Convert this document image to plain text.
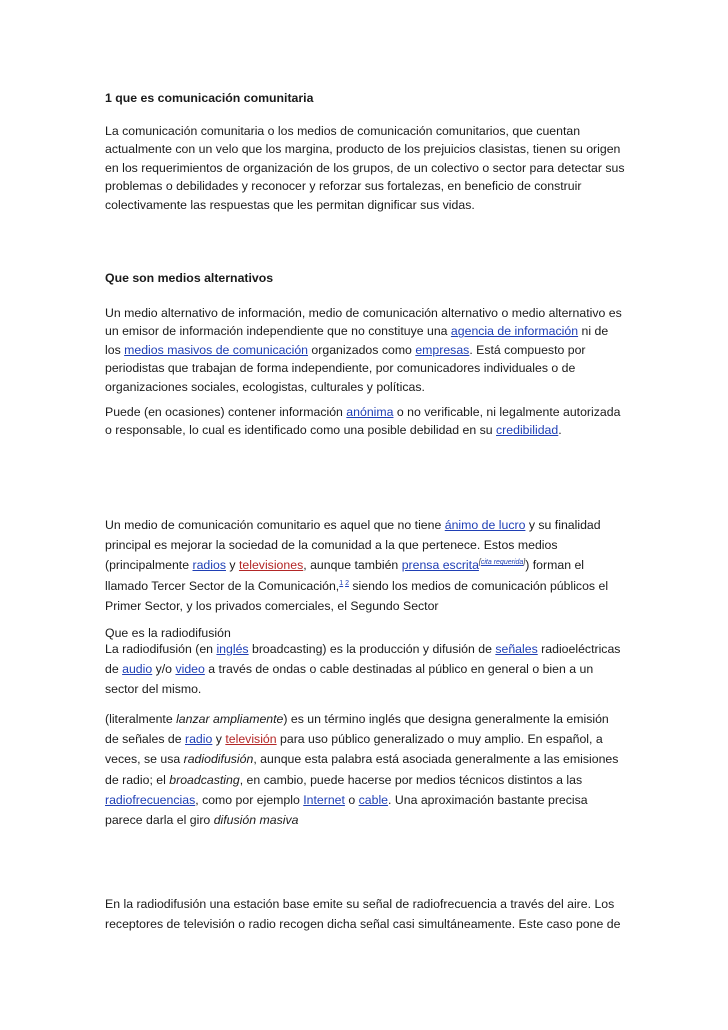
1 que es comunicación comunitaria

La comunicación comunitaria o los medios de comunicación comunitarios, que cuentan actualmente con un velo que los margina, producto de los prejuicios clasistas, tienen su origen en los requerimientos de organización de los grupos, de un colectivo o sector para detectar sus problemas o debilidades y reconocer y reforzar sus fortalezas, en beneficio de construir colectivamente las respuestas que les permitan dignificar sus vidas.

Que son medios alternativos

Un medio alternativo de información, medio de comunicación alternativo o medio alternativo es un emisor de información independiente que no constituye una agencia de información ni de los medios masivos de comunicación organizados como empresas. Está compuesto por periodistas que trabajan de forma independiente, por comunicadores individuales o de organizaciones sociales, ecologistas, culturales y políticas.

Puede (en ocasiones) contener información anónima o no verificable, ni legalmente autorizada o responsable, lo cual es identificado como una posible debilidad en su credibilidad.

Un medio de comunicación comunitario es aquel que no tiene ánimo de lucro y su finalidad principal es mejorar la sociedad de la comunidad a la que pertenece. Estos medios (principalmente radios y televisiones, aunque también prensa escrita[cita requerida]) forman el llamado Tercer Sector de la Comunicación,$^{1 2}$ siendo los medios de comunicación públicos el Primer Sector, y los privados comerciales, el Segundo Sector

Que es la radiodifusión

La radiodifusión (en inglés broadcasting) es la producción y difusión de señales radioeléctricas de audio y/o video a través de ondas o cable destinadas al público en general o bien a un sector del mismo.

(literalmente lanzar ampliamente) es un término inglés que designa generalmente la emisión de señales de radio y televisión para uso público generalizado o muy amplio. En español, a veces, se usa radiodifusión, aunque esta palabra está asociada generalmente a las emisiones de radio; el broadcasting, en cambio, puede hacerse por medios técnicos distintos a las radiofrecuencias, como por ejemplo Internet o cable. Una aproximación bastante precisa parece darla el giro difusión masiva

En la radiodifusión una estación base emite su señal de radiofrecuencia a través del aire. Los receptores de televisión o radio recogen dicha señal casi simultáneamente. Este caso pone de
